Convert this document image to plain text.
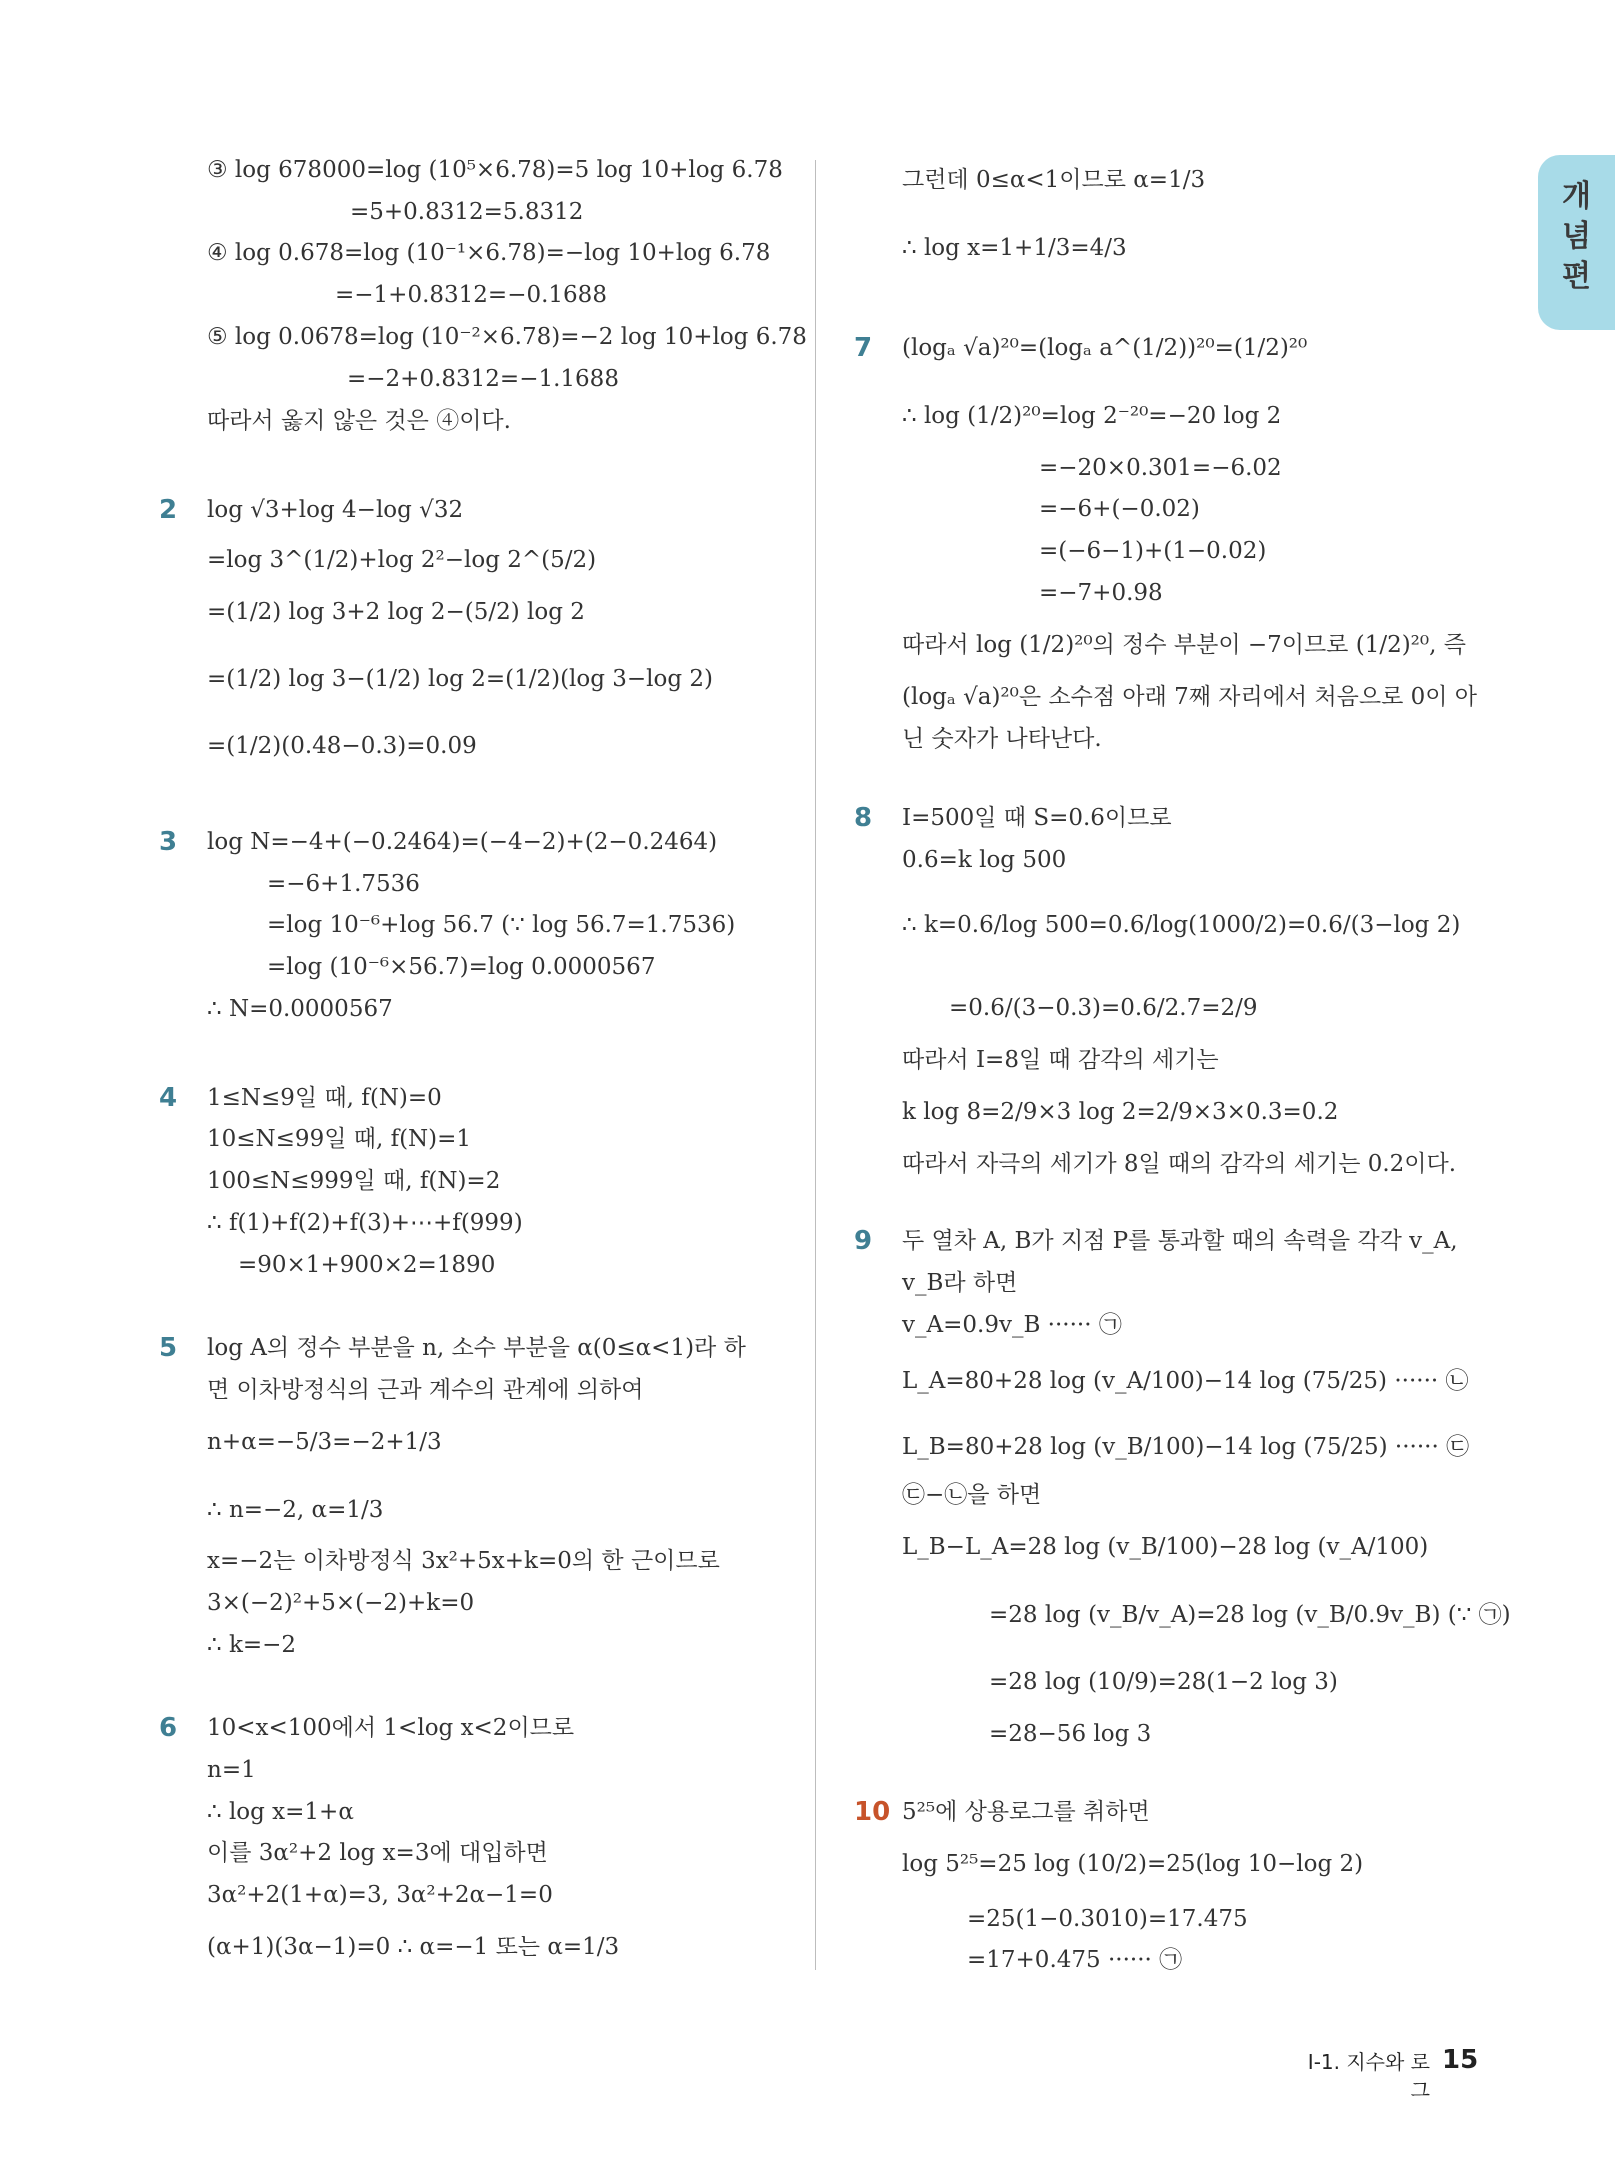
개
념
편
③ log 678000=log (10⁵×6.78)=5 log 10+log 6.78
=5+0.8312=5.8312
④ log 0.678=log (10⁻¹×6.78)=−log 10+log 6.78
=−1+0.8312=−0.1688
⑤ log 0.0678=log (10⁻²×6.78)=−2 log 10+log 6.78
=−2+0.8312=−1.1688
따라서 옳지 않은 것은 ④이다.
2 log √3+log 4−log √32
=log 3^(1/2)+log 2²−log 2^(5/2)
=(1/2) log 3+2 log 2−(5/2) log 2
=(1/2) log 3−(1/2) log 2=(1/2)(log 3−log 2)
=(1/2)(0.48−0.3)=0.09
3 log N=−4+(−0.2464)=(−4−2)+(2−0.2464)
=−6+1.7536
=log 10⁻⁶+log 56.7 (∵ log 56.7=1.7536)
=log (10⁻⁶×56.7)=log 0.0000567
∴ N=0.0000567
4 1≤N≤9일 때, f(N)=0
10≤N≤99일 때, f(N)=1
100≤N≤999일 때, f(N)=2
∴ f(1)+f(2)+f(3)+⋯+f(999)
=90×1+900×2=1890
5 log A의 정수 부분을 n, 소수 부분을 α(0≤α<1)라 하
면 이차방정식의 근과 계수의 관계에 의하여
n+α=−5/3=−2+1/3
∴ n=−2, α=1/3
x=−2는 이차방정식 3x²+5x+k=0의 한 근이므로
3×(−2)²+5×(−2)+k=0
∴ k=−2
6 10<x<100에서 1<log x<2이므로
n=1
∴ log x=1+α
이를 3α²+2 log x=3에 대입하면
3α²+2(1+α)=3, 3α²+2α−1=0
(α+1)(3α−1)=0 ∴ α=−1 또는 α=1/3
그런데 0≤α<1이므로 α=1/3
∴ log x=1+1/3=4/3
7 (logₐ √a)²⁰=(logₐ a^(1/2))²⁰=(1/2)²⁰
∴ log (1/2)²⁰=log 2⁻²⁰=−20 log 2
=−20×0.301=−6.02
=−6+(−0.02)
=(−6−1)+(1−0.02)
=−7+0.98
따라서 log (1/2)²⁰의 정수 부분이 −7이므로 (1/2)²⁰, 즉
(logₐ √a)²⁰은 소수점 아래 7째 자리에서 처음으로 0이 아
닌 숫자가 나타난다.
8 I=500일 때 S=0.6이므로
0.6=k log 500
∴ k=0.6/log 500=0.6/log(1000/2)=0.6/(3−log 2)
=0.6/(3−0.3)=0.6/2.7=2/9
따라서 I=8일 때 감각의 세기는
k log 8=2/9×3 log 2=2/9×3×0.3=0.2
따라서 자극의 세기가 8일 때의 감각의 세기는 0.2이다.
9 두 열차 A, B가 지점 P를 통과할 때의 속력을 각각 v_A,
v_B라 하면
v_A=0.9v_B ······ ㉠
L_A=80+28 log (v_A/100)−14 log (75/25) ······ ㉡
L_B=80+28 log (v_B/100)−14 log (75/25) ······ ㉢
㉢−㉡을 하면
L_B−L_A=28 log (v_B/100)−28 log (v_A/100)
=28 log (v_B/v_A)=28 log (v_B/0.9v_B) (∵ ㉠)
=28 log (10/9)=28(1−2 log 3)
=28−56 log 3
10 5²⁵에 상용로그를 취하면
log 5²⁵=25 log (10/2)=25(log 10−log 2)
=25(1−0.3010)=17.475
=17+0.475 ······ ㉠
Ⅰ-1. 지수와 로그
15
